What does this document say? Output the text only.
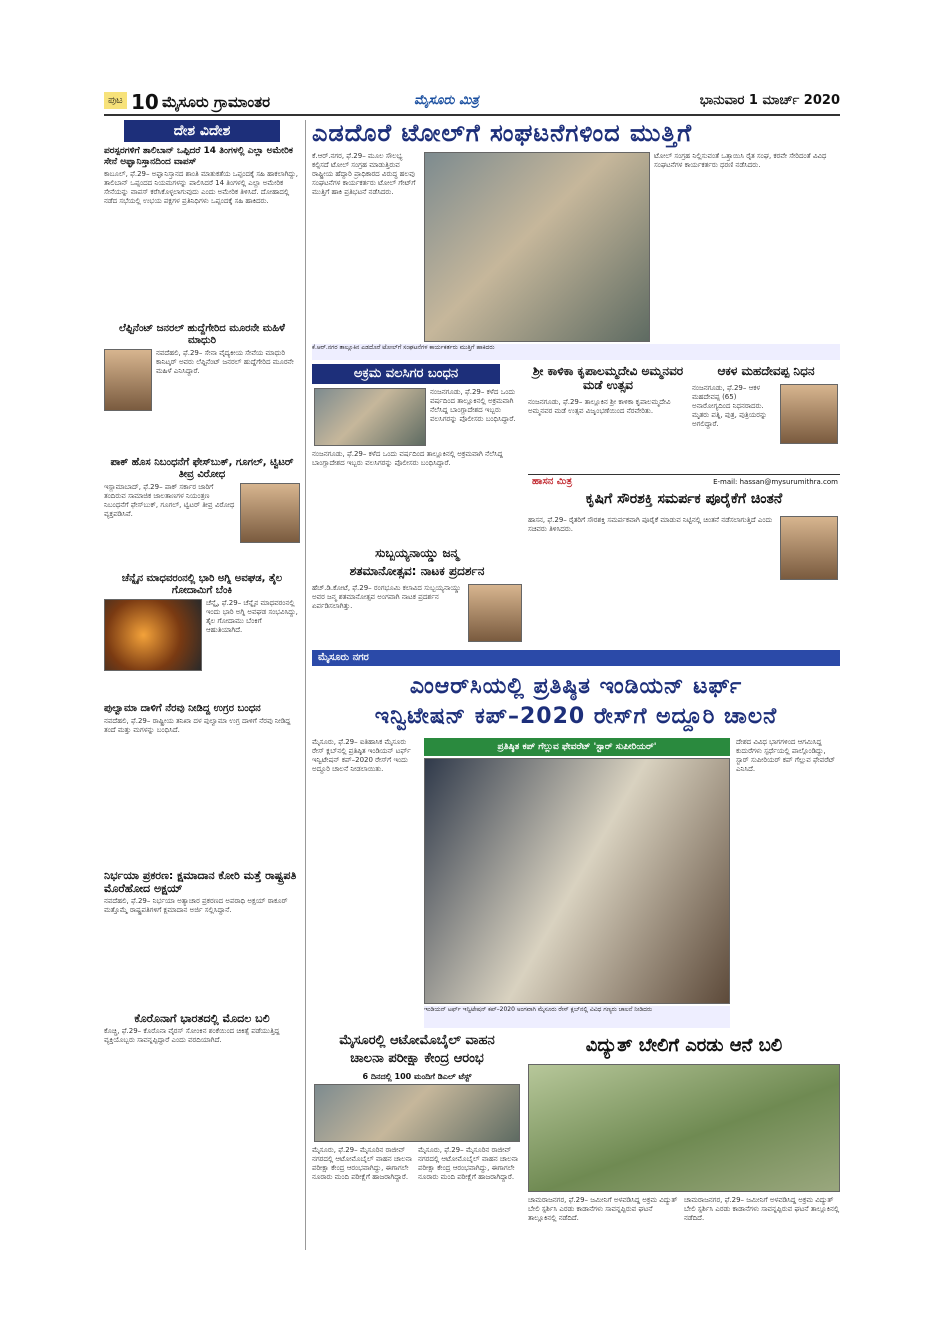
ಪುಟ 10 ಮೈಸೂರು ಗ್ರಾಮಾಂತರ	ಮೈಸೂರು ಮಿತ್ರ	ಭಾನುವಾರ 1 ಮಾರ್ಚ್ 2020
ದೇಶ ವಿದೇಶ
ಪರಸ್ಪರಗಳಿಗೆ ತಾಲಿಬಾನ್ ಒಪ್ಪಿದರೆ 14 ತಿಂಗಳಲ್ಲಿ ಎಲ್ಲಾ ಅಮೇರಿಕ ಸೇನೆ ಅಫ್ಘಾನಿಸ್ತಾನದಿಂದ ವಾಪಸ್
ಕಾಬೂಲ್, ಫೆ.29– ಅಫ್ಘಾನಿಸ್ತಾನದ ಶಾಂತಿ ಮಾತುಕತೆಯ ಒಪ್ಪಂದಕ್ಕೆ ಸಹಿ ಹಾಕಲಾಗಿದ್ದು, ತಾಲಿಬಾನ್ ಒಪ್ಪಂದದ ನಿಯಮಗಳನ್ನು ಪಾಲಿಸಿದರೆ 14 ತಿಂಗಳಲ್ಲಿ ಎಲ್ಲಾ ಅಮೇರಿಕ ಸೇನೆಯನ್ನು ವಾಪಸ್ ಕರೆಸಿಕೊಳ್ಳಲಾಗುವುದು ಎಂದು ಅಮೇರಿಕ ತಿಳಿಸಿದೆ. ದೋಹಾದಲ್ಲಿ ನಡೆದ ಸಭೆಯಲ್ಲಿ ಉಭಯ ಪಕ್ಷಗಳ ಪ್ರತಿನಿಧಿಗಳು ಒಪ್ಪಂದಕ್ಕೆ ಸಹಿ ಹಾಕಿದರು.
ಲೆಫ್ಟಿನೆಂಟ್ ಜನರಲ್ ಹುದ್ದೆಗೇರಿದ ಮೂರನೇ ಮಹಿಳೆ ಮಾಧುರಿ
ನವದೆಹಲಿ, ಫೆ.29– ಸೇನಾ ವೈದ್ಯಕೀಯ ಸೇವೆಯ ಮಾಧುರಿ ಕಾನಿಟ್ಕರ್ ಅವರು ಲೆಫ್ಟಿನೆಂಟ್ ಜನರಲ್ ಹುದ್ದೆಗೇರಿದ ಮೂರನೇ ಮಹಿಳೆ ಎನಿಸಿದ್ದಾರೆ.
ಪಾಕ್ ಹೊಸ ನಿಬಂಧನೆಗೆ ಫೇಸ್‌ಬುಕ್, ಗೂಗಲ್, ಟ್ವಿಟರ್ ತೀವ್ರ ವಿರೋಧ
ಇಸ್ಲಾಮಾಬಾದ್, ಫೆ.29– ಪಾಕ್ ಸರ್ಕಾರ ಜಾರಿಗೆ ತಂದಿರುವ ಸಾಮಾಜಿಕ ಜಾಲತಾಣಗಳ ನಿಯಂತ್ರಣ ನಿಬಂಧನೆಗೆ ಫೇಸ್‌ಬುಕ್, ಗೂಗಲ್, ಟ್ವಿಟರ್ ತೀವ್ರ ವಿರೋಧ ವ್ಯಕ್ತಪಡಿಸಿವೆ.
ಚೆನ್ನೈನ ಮಾಧವರಂನಲ್ಲಿ ಭಾರಿ ಅಗ್ನಿ ಅವಘಡ, ತೈಲ ಗೋದಾಮಿಗೆ ಬೆಂಕಿ
ಚೆನ್ನೈ, ಫೆ.29– ಚೆನ್ನೈನ ಮಾಧವರಂನಲ್ಲಿ ಇಂದು ಭಾರಿ ಅಗ್ನಿ ಅವಘಡ ಸಂಭವಿಸಿದ್ದು, ತೈಲ ಗೋದಾಮು ಬೆಂಕಿಗೆ ಆಹುತಿಯಾಗಿದೆ.
ಪುಲ್ವಾಮಾ ದಾಳಿಗೆ ನೆರವು ನೀಡಿದ್ದ ಉಗ್ರರ ಬಂಧನ
ನವದೆಹಲಿ, ಫೆ.29– ರಾಷ್ಟ್ರೀಯ ತನಿಖಾ ದಳ ಪುಲ್ವಾಮಾ ಉಗ್ರ ದಾಳಿಗೆ ನೆರವು ನೀಡಿದ್ದ ತಂದೆ ಮತ್ತು ಮಗಳನ್ನು ಬಂಧಿಸಿದೆ.
ನಿರ್ಭಯಾ ಪ್ರಕರಣ: ಕ್ಷಮಾದಾನ ಕೋರಿ ಮತ್ತೆ ರಾಷ್ಟ್ರಪತಿ ಮೊರೆಹೋದ ಅಕ್ಷಯ್
ನವದೆಹಲಿ, ಫೆ.29– ನಿರ್ಭಯಾ ಅತ್ಯಾಚಾರ ಪ್ರಕರಣದ ಅಪರಾಧಿ ಅಕ್ಷಯ್ ಠಾಕೂರ್ ಮತ್ತೊಮ್ಮೆ ರಾಷ್ಟ್ರಪತಿಗಳಿಗೆ ಕ್ಷಮಾದಾನ ಅರ್ಜಿ ಸಲ್ಲಿಸಿದ್ದಾನೆ.
ಕೊರೊನಾಗೆ ಭಾರತದಲ್ಲಿ ಮೊದಲ ಬಲಿ
ಕೊಚ್ಚಿ, ಫೆ.29– ಕೊರೊನಾ ವೈರಸ್ ಸೋಂಕಿನ ಶಂಕೆಯಿಂದ ಚಿಕಿತ್ಸೆ ಪಡೆಯುತ್ತಿದ್ದ ವ್ಯಕ್ತಿಯೊಬ್ಬರು ಸಾವನ್ನಪ್ಪಿದ್ದಾರೆ ಎಂದು ವರದಿಯಾಗಿದೆ.
ಎಡದೊರೆ ಟೋಲ್‌ಗೆ ಸಂಘಟನೆಗಳಿಂದ ಮುತ್ತಿಗೆ
ಕೆ.ಆರ್.ನಗರ, ಫೆ.29– ಮೂಲ ಸೌಲಭ್ಯ ಕಲ್ಪಿಸದೆ ಟೋಲ್ ಸಂಗ್ರಹ ಮಾಡುತ್ತಿರುವ ರಾಷ್ಟ್ರೀಯ ಹೆದ್ದಾರಿ ಪ್ರಾಧಿಕಾರದ ವಿರುದ್ಧ ಹಲವು ಸಂಘಟನೆಗಳ ಕಾರ್ಯಕರ್ತರು ಟೋಲ್ ಗೇಟ್‌ಗೆ ಮುತ್ತಿಗೆ ಹಾಕಿ ಪ್ರತಿಭಟನೆ ನಡೆಸಿದರು.
ಟೋಲ್ ಸಂಗ್ರಹ ನಿಲ್ಲಿಸುವಂತೆ ಒತ್ತಾಯಿಸಿ ರೈತ ಸಂಘ, ಕರವೇ ಸೇರಿದಂತೆ ವಿವಿಧ ಸಂಘಟನೆಗಳ ಕಾರ್ಯಕರ್ತರು ಧರಣಿ ನಡೆಸಿದರು.
ಕೆ.ಆರ್.ನಗರ ತಾಲ್ಲೂಕಿನ ಎಡದೊರೆ ಟೋಲ್‌ಗೆ ಸಂಘಟನೆಗಳ ಕಾರ್ಯಕರ್ತರು ಮುತ್ತಿಗೆ ಹಾಕಿದರು
ಅಕ್ರಮ ವಲಸಿಗರ ಬಂಧನ
ನಂಜನಗೂಡು, ಫೆ.29– ಕಳೆದ ಒಂದು ವರ್ಷದಿಂದ ತಾಲ್ಲೂಕಿನಲ್ಲಿ ಅಕ್ರಮವಾಗಿ ನೆಲೆಸಿದ್ದ ಬಾಂಗ್ಲಾದೇಶದ ಇಬ್ಬರು ವಲಸಿಗರನ್ನು ಪೊಲೀಸರು ಬಂಧಿಸಿದ್ದಾರೆ.
ನಂಜನಗೂಡು, ಫೆ.29– ಕಳೆದ ಒಂದು ವರ್ಷದಿಂದ ತಾಲ್ಲೂಕಿನಲ್ಲಿ ಅಕ್ರಮವಾಗಿ ನೆಲೆಸಿದ್ದ ಬಾಂಗ್ಲಾದೇಶದ ಇಬ್ಬರು ವಲಸಿಗರನ್ನು ಪೊಲೀಸರು ಬಂಧಿಸಿದ್ದಾರೆ.
ಶ್ರೀ ಕಾಳಿಕಾ ಕೃಪಾಲಮ್ಮದೇವಿ ಅಮ್ಮನವರ ಮಡೆ ಉತ್ಸವ
ನಂಜನಗೂಡು, ಫೆ.29– ತಾಲ್ಲೂಕಿನ ಶ್ರೀ ಕಾಳಿಕಾ ಕೃಪಾಲಮ್ಮದೇವಿ ಅಮ್ಮನವರ ಮಡೆ ಉತ್ಸವ ವಿಜೃಂಭಣೆಯಿಂದ ನೆರವೇರಿತು.
ಆಕಳ ಮಹದೇವಪ್ಪ ನಿಧನ
ನಂಜನಗೂಡು, ಫೆ.29– ಆಕಳ ಮಹದೇವಪ್ಪ (65) ಅನಾರೋಗ್ಯದಿಂದ ನಿಧನರಾದರು. ಮೃತರು ಪತ್ನಿ, ಪುತ್ರ, ಪುತ್ರಿಯರನ್ನು ಅಗಲಿದ್ದಾರೆ.
ಹಾಸನ ಮಿತ್ರ	E-mail: hassan@mysurumithra.com
ಕೃಷಿಗೆ ಸೌರಶಕ್ತಿ ಸಮರ್ಪಕ ಪೂರೈಕೆಗೆ ಚಿಂತನೆ
ಹಾಸನ, ಫೆ.29– ರೈತರಿಗೆ ಸೌರಶಕ್ತಿ ಸಮರ್ಪಕವಾಗಿ ಪೂರೈಕೆ ಮಾಡುವ ನಿಟ್ಟಿನಲ್ಲಿ ಚಿಂತನೆ ನಡೆಸಲಾಗುತ್ತಿದೆ ಎಂದು ಸಚಿವರು ತಿಳಿಸಿದರು.
ಸುಬ್ಬಯ್ಯನಾಯ್ಡು ಜನ್ಮ
ಶತಮಾನೋತ್ಸವ: ನಾಟಕ ಪ್ರದರ್ಶನ
ಹೆಚ್.ಡಿ.ಕೋಟೆ, ಫೆ.29– ರಂಗಭೂಮಿ ಕಲಾವಿದ ಸುಬ್ಬಯ್ಯನಾಯ್ಡು ಅವರ ಜನ್ಮ ಶತಮಾನೋತ್ಸವ ಅಂಗವಾಗಿ ನಾಟಕ ಪ್ರದರ್ಶನ ಏರ್ಪಡಿಸಲಾಗಿತ್ತು.
ಮೈಸೂರು ನಗರ
ಎಂಆರ್‌ಸಿಯಲ್ಲಿ ಪ್ರತಿಷ್ಠಿತ ಇಂಡಿಯನ್ ಟರ್ಫ್
ಇನ್ವಿಟೇಷನ್ ಕಪ್–2020 ರೇಸ್‌ಗೆ ಅದ್ದೂರಿ ಚಾಲನೆ
ಮೈಸೂರು, ಫೆ.29– ಐತಿಹಾಸಿಕ ಮೈಸೂರು ರೇಸ್ ಕ್ಲಬ್‌ನಲ್ಲಿ ಪ್ರತಿಷ್ಠಿತ ಇಂಡಿಯನ್ ಟರ್ಫ್ ಇನ್ವಿಟೇಷನ್ ಕಪ್–2020 ರೇಸ್‌ಗೆ ಇಂದು ಅದ್ದೂರಿ ಚಾಲನೆ ನೀಡಲಾಯಿತು.
ಪ್ರತಿಷ್ಠಿತ ಕಪ್ ಗೆಲ್ಲುವ ಫೇವರೆಟ್ 'ಸ್ಟಾರ್ ಸುಪೀರಿಯರ್'
ಇಂಡಿಯನ್ ಟರ್ಫ್ ಇನ್ವಿಟೇಷನ್ ಕಪ್–2020 ಅಂಗವಾಗಿ ಮೈಸೂರು ರೇಸ್ ಕ್ಲಬ್‌ನಲ್ಲಿ ವಿವಿಧ ಗಣ್ಯರು ಚಾಲನೆ ನೀಡಿದರು
ದೇಶದ ವಿವಿಧ ಭಾಗಗಳಿಂದ ಆಗಮಿಸಿದ್ದ ಕುದುರೆಗಳು ಸ್ಪರ್ಧೆಯಲ್ಲಿ ಪಾಲ್ಗೊಂಡಿದ್ದು, ಸ್ಟಾರ್ ಸುಪೀರಿಯರ್ ಕಪ್ ಗೆಲ್ಲುವ ಫೇವರೆಟ್ ಎನಿಸಿದೆ.
ಮೈಸೂರಲ್ಲಿ ಆಟೋಮೊಬೈಲ್ ವಾಹನ
ಚಾಲನಾ ಪರೀಕ್ಷಾ ಕೇಂದ್ರ ಆರಂಭ
6 ದಿನದಲ್ಲಿ 100 ಮಂದಿಗೆ ಡಿಎಲ್ ಟೆಸ್ಟ್
ಮೈಸೂರು, ಫೆ.29– ಮೈಸೂರಿನ ರಾಜೀವ್ ನಗರದಲ್ಲಿ ಆಟೋಮೊಬೈಲ್ ವಾಹನ ಚಾಲನಾ ಪರೀಕ್ಷಾ ಕೇಂದ್ರ ಆರಂಭವಾಗಿದ್ದು, ಈಗಾಗಲೇ ನೂರಾರು ಮಂದಿ ಪರೀಕ್ಷೆಗೆ ಹಾಜರಾಗಿದ್ದಾರೆ.
ಮೈಸೂರು, ಫೆ.29– ಮೈಸೂರಿನ ರಾಜೀವ್ ನಗರದಲ್ಲಿ ಆಟೋಮೊಬೈಲ್ ವಾಹನ ಚಾಲನಾ ಪರೀಕ್ಷಾ ಕೇಂದ್ರ ಆರಂಭವಾಗಿದ್ದು, ಈಗಾಗಲೇ ನೂರಾರು ಮಂದಿ ಪರೀಕ್ಷೆಗೆ ಹಾಜರಾಗಿದ್ದಾರೆ.
ವಿದ್ಯುತ್ ಬೇಲಿಗೆ ಎರಡು ಆನೆ ಬಲಿ
ಚಾಮರಾಜನಗರ, ಫೆ.29– ಜಮೀನಿಗೆ ಅಳವಡಿಸಿದ್ದ ಅಕ್ರಮ ವಿದ್ಯುತ್ ಬೇಲಿ ಸ್ಪರ್ಶಿಸಿ ಎರಡು ಕಾಡಾನೆಗಳು ಸಾವನ್ನಪ್ಪಿರುವ ಘಟನೆ ತಾಲ್ಲೂಕಿನಲ್ಲಿ ನಡೆದಿದೆ.
ಚಾಮರಾಜನಗರ, ಫೆ.29– ಜಮೀನಿಗೆ ಅಳವಡಿಸಿದ್ದ ಅಕ್ರಮ ವಿದ್ಯುತ್ ಬೇಲಿ ಸ್ಪರ್ಶಿಸಿ ಎರಡು ಕಾಡಾನೆಗಳು ಸಾವನ್ನಪ್ಪಿರುವ ಘಟನೆ ತಾಲ್ಲೂಕಿನಲ್ಲಿ ನಡೆದಿದೆ.
